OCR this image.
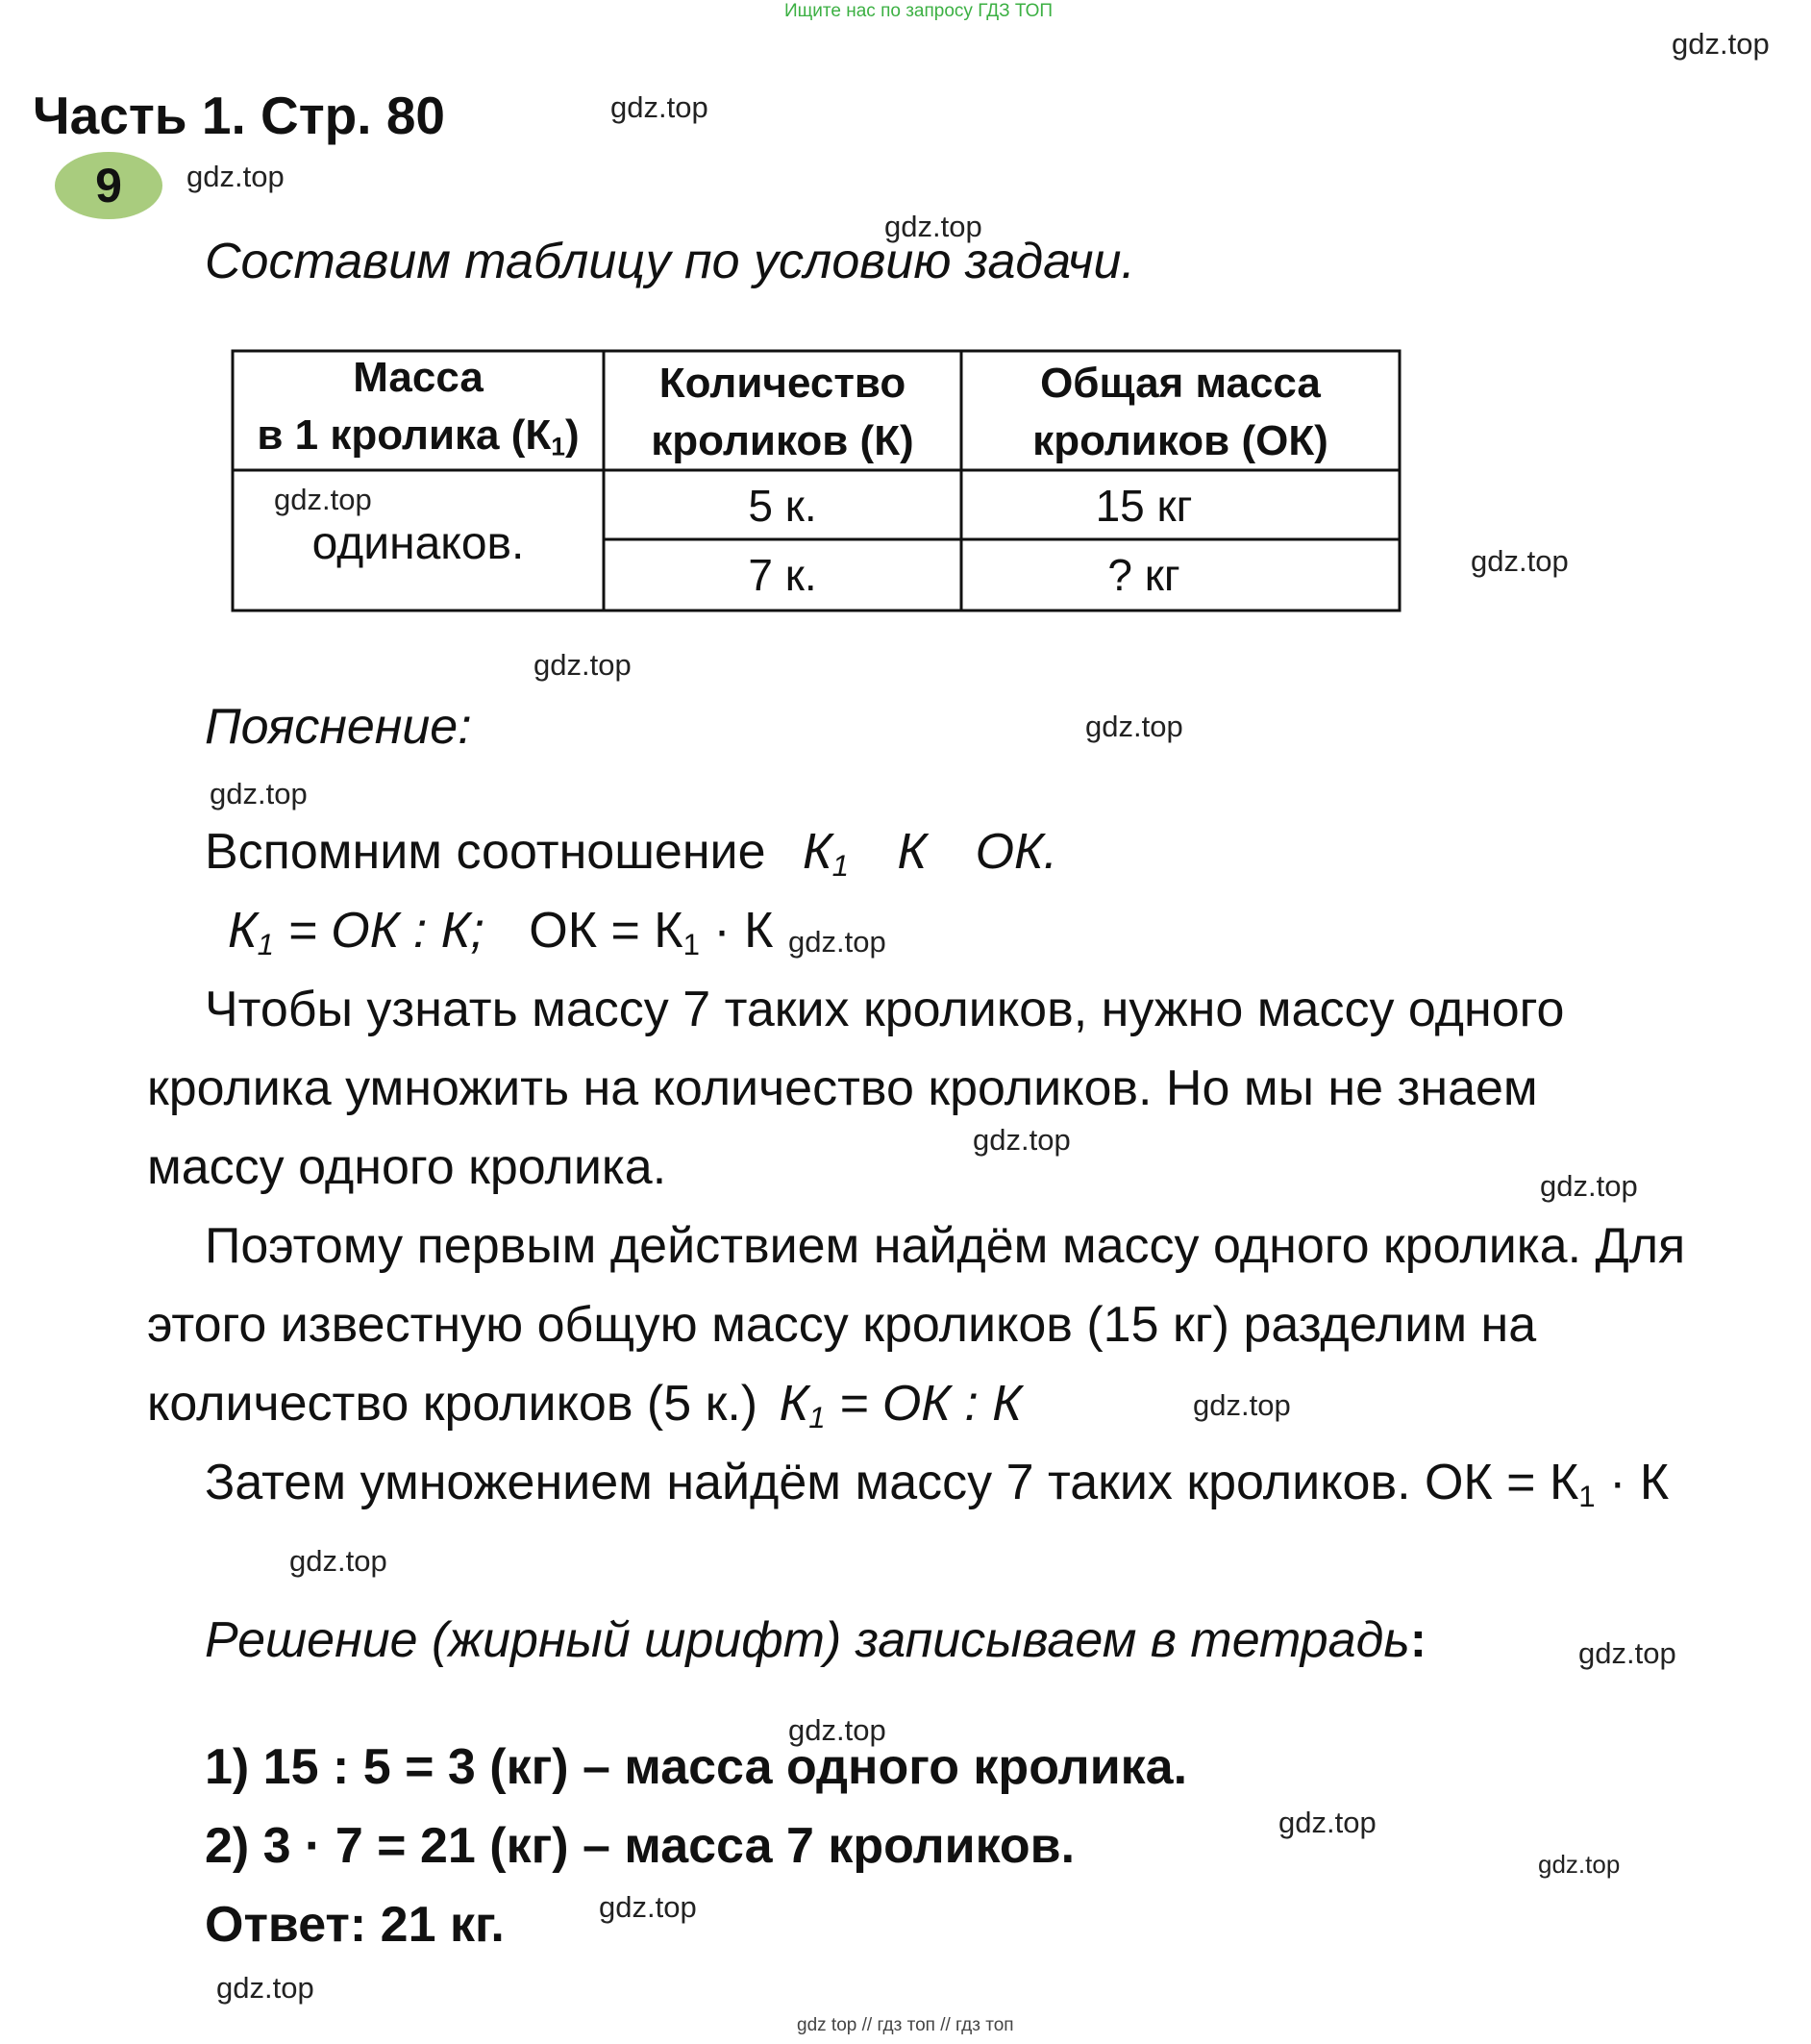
Ищите нас по запросу ГДЗ ТОП
gdz top // гдз топ // гдз топ
Часть 1. Стр. 80
9
Составим таблицу по условию задачи.
Масса
в 1 кролика $(К_1)$
Количество
кроликов (К)
Общая масса
кроликов (ОК)
одинаков.
5 к.	15 кг
7 к.	? кг
Пояснение:
Вспомним соотношение $К_1$ К ОК.
$К_1$ = ОК : К; ОК = $К_1 \cdot К$
Чтобы узнать массу 7 таких кроликов, нужно массу одного
кролика умножить на количество кроликов. Но мы не знаем
массу одного кролика.
Поэтому первым действием найдём массу одного кролика. Для
этого известную общую массу кроликов (15 кг) разделим на
количество кроликов (5 к.) $К_1$ = ОК : К
Затем умножением найдём массу 7 таких кроликов. ОК = $К_1 \cdot К$
Решение (жирный шрифт) записываем в тетрадь:
1) 15 : 5 = 3 (кг) – масса одного кролика.
2) 3 · 7 = 21 (кг) – масса 7 кроликов.
Ответ: 21 кг.
gdz.top
gdz.top
gdz.top
gdz.top
gdz.top
gdz.top
gdz.top
gdz.top
gdz.top
gdz.top
gdz.top
gdz.top
gdz.top
gdz.top
gdz.top
gdz.top
gdz.top
gdz.top
gdz.top
gdz.top
